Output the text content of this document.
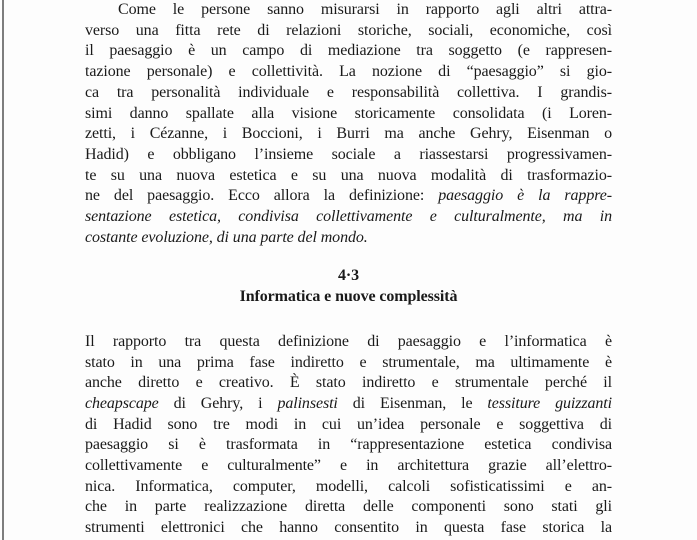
Come le persone sanno misurarsi in rapporto agli altri attra-
verso una fitta rete di relazioni storiche, sociali, economiche, così
il paesaggio è un campo di mediazione tra soggetto (e rappresen-
tazione personale) e collettività. La nozione di “paesaggio” si gio-
ca tra personalità individuale e responsabilità collettiva. I grandis-
simi danno spallate alla visione storicamente consolidata (i Loren-
zetti, i Cézanne, i Boccioni, i Burri ma anche Gehry, Eisenman o
Hadid) e obbligano l’insieme sociale a riassestarsi progressivamen-
te su una nuova estetica e su una nuova modalità di trasformazio-
ne del paesaggio. Ecco allora la definizione: paesaggio è la rappre-
sentazione estetica, condivisa collettivamente e culturalmente, ma in
costante evoluzione, di una parte del mondo.
4·3
Informatica e nuove complessità
Il rapporto tra questa definizione di paesaggio e l’informatica è
stato in una prima fase indiretto e strumentale, ma ultimamente è
anche diretto e creativo. È stato indiretto e strumentale perché il
cheapscape di Gehry, i palinsesti di Eisenman, le tessiture guizzanti
di Hadid sono tre modi in cui un’idea personale e soggettiva di
paesaggio si è trasformata in “rappresentazione estetica condivisa
collettivamente e culturalmente” e in architettura grazie all’elettro-
nica. Informatica, computer, modelli, calcoli sofisticatissimi e an-
che in parte realizzazione diretta delle componenti sono stati gli
strumenti elettronici che hanno consentito in questa fase storica la
